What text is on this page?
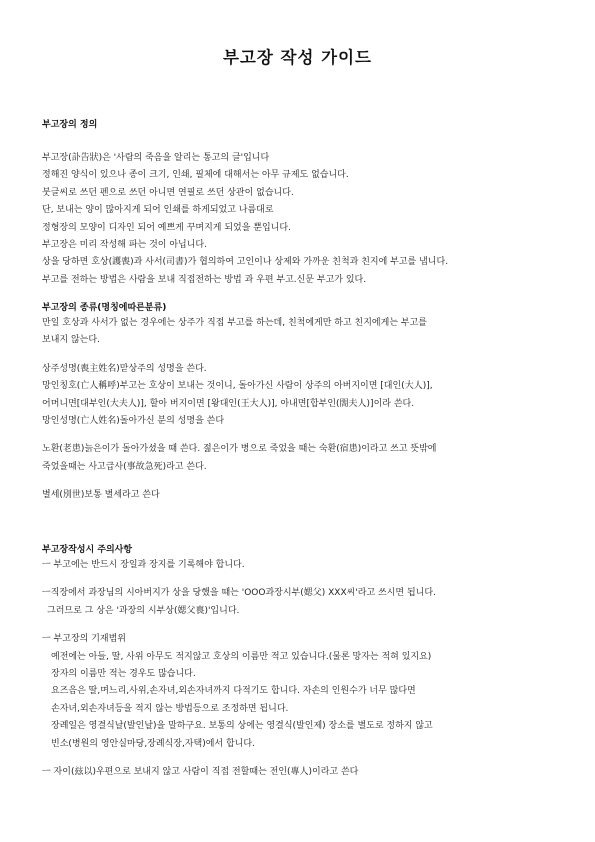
부고장 작성 가이드
부고장의 정의
부고장(訃告狀)은 '사람의 죽음을 알리는 통고의 글'입니다
정해진 양식이 있으나 종이 크기, 인쇄, 필체에 대해서는 아무 규제도 없습니다.
붓글씨로 쓰던 펜으로 쓰던 아니면 연필로 쓰던 상관이 없습니다.
단, 보내는 양이 많아지게 되어 인쇄를 하게되었고 나름대로
정형장의 모양이 디자인 되어 예쁘게 꾸며지게 되었을 뿐입니다.
부고장은 미리 작성해 파는 것이 아닙니다.
상을 당하면 호상(護喪)과 사서(司書)가 협의하여 고인이나 상제와 가까운 친척과 친지에 부고를 냅니다.
부고를 전하는 방법은 사람을 보내 직접전하는 방법 과 우편 부고.신문 부고가 있다.
부고장의 종류(명칭에따른분류)
만일 호상과 사서가 없는 경우에는 상주가 직접 부고를 하는데, 친척에게만 하고 친지에게는 부고를
보내지 않는다.
상주성명(喪主姓名)맏상주의 성명을 쓴다.
망인칭호(亡人稱呼)부고는 호상이 보내는 것이니, 돌아가신 사람이 상주의 아버지이면 [대인(大人)],
어머니면[대부인(大夫人)], 할아 버지이면 [왕대인(王大人)], 아내면[합부인(閤夫人)]이라 쓴다.
망인성명(亡人姓名)돌아가신 분의 성명을 쓴다
노환(老患)늙은이가 돌아가셨을 때 쓴다. 젊은이가 병으로 죽었을 때는 숙환(宿患)이라고 쓰고 뜻밖에
죽었을때는 사고급사(事故急死)라고 쓴다.
별세(別世)보통 별세라고 쓴다
부고장작성시 주의사항
ㅡ 부고에는 반드시 장일과 장지를 기록해야 합니다.
ㅡ직장에서 과장님의 시아버지가 상을 당했을 때는 'OOO과장시부(媤父) XXX씨'라고 쓰시면 됩니다.
그러므로 그 상은 '과장의 시부상(媤父喪)'입니다.
ㅡ 부고장의 기재범위
예전에는 아들, 딸, 사위 아무도 적지않고 호상의 이름만 적고 있습니다.(물론 망자는 적혀 있지요)
장자의 이름만 적는 경우도 많습니다.
요즈음은 딸,며느리,사위,손자녀,외손자녀까지 다적기도 합니다. 자손의 인원수가 너무 많다면
손자녀,외손자녀등을 적지 않는 방법등으로 조정하면 됩니다.
장례일은 영결식날(발인날)을 말하구요. 보통의 상에는 영결식(발인제) 장소를 별도로 정하지 않고
빈소(병원의 영안실마당,장례식장,자택)에서 합니다.
ㅡ 자이(玆以)우편으로 보내지 않고 사람이 직접 전할때는 전인(專人)이라고 쓴다
